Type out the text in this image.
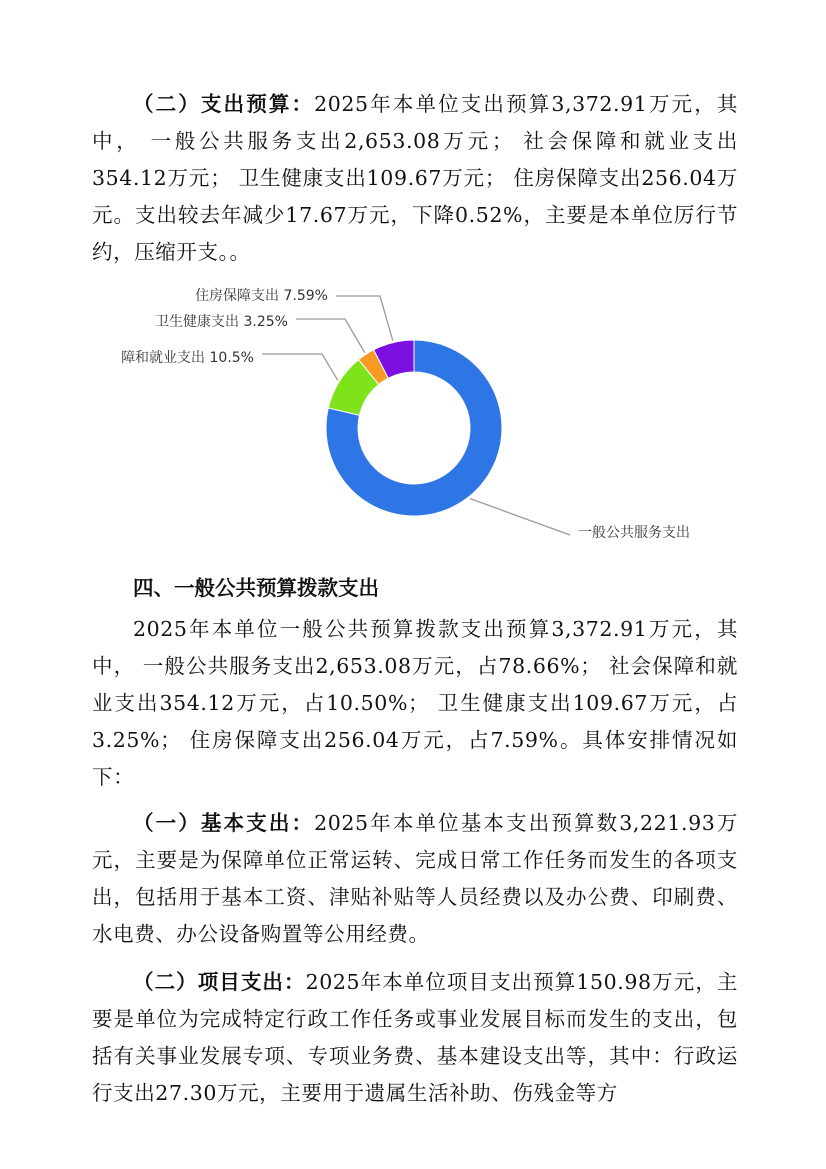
（二）支出预算：2025年本单位支出预算3,372.91万元，其中， 一般公共服务支出2,653.08万元； 社会保障和就业支出354.12万元； 卫生健康支出109.67万元； 住房保障支出256.04万元。支出较去年减少17.67万元，下降0.52%，主要是本单位厉行节约，压缩开支。。

一般公共服务支出
障和就业支出 10.5%
卫生健康支出 3.25%
住房保障支出 7.59%

四、一般公共预算拨款支出

2025年本单位一般公共预算拨款支出预算3,372.91万元，其中， 一般公共服务支出2,653.08万元，占78.66%； 社会保障和就业支出354.12万元，占10.50%； 卫生健康支出109.67万元，占3.25%； 住房保障支出256.04万元，占7.59%。具体安排情况如下：

（一）基本支出：2025年本单位基本支出预算数3,221.93万元，主要是为保障单位正常运转、完成日常工作任务而发生的各项支出，包括用于基本工资、津贴补贴等人员经费以及办公费、印刷费、水电费、办公设备购置等公用经费。

（二）项目支出：2025年本单位项目支出预算150.98万元，主要是单位为完成特定行政工作任务或事业发展目标而发生的支出，包括有关事业发展专项、专项业务费、基本建设支出等，其中：行政运行支出27.30万元，主要用于遗属生活补助、伤残金等方
